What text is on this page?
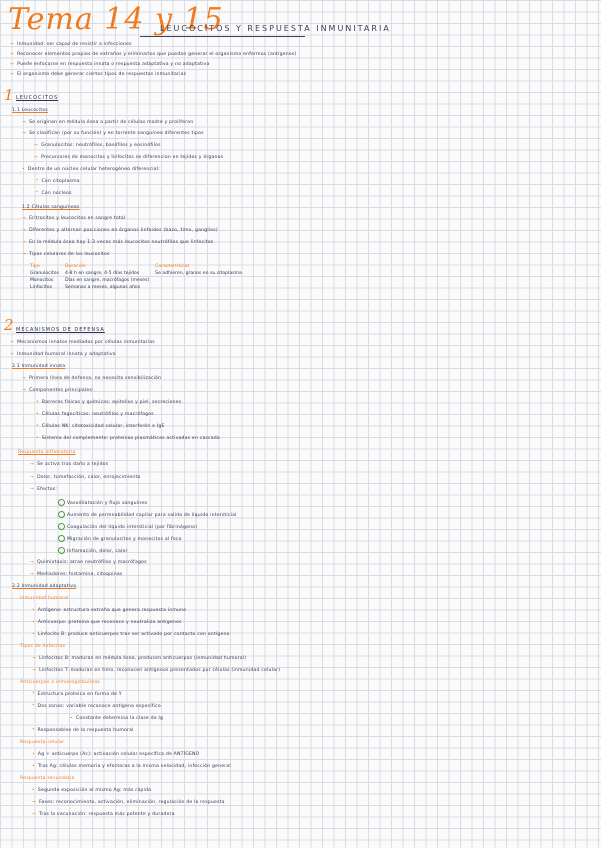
Tema 14 y 15
LEUCOCITOS Y RESPUESTA INMUNITARIA
→ Inmunidad: ser capaz de resistir a infecciones
→ Reconocer elementos propios de extraños y eliminarlos que puedan generar el organismo enfermos (antígenos)
→ Puede enfocarse en respuesta innata o respuesta adaptativa y no adaptativa
→ El organismo debe generar ciertos tipos de respuestas inmunitarias
1 LEUCOCITOS
1.1 Leucocitos
→ Se originan en médula ósea a partir de células madre y proliferan
→ Se clasifican (por su función) y en torrente sanguíneo diferentes tipos
→ Granulocitos: neutrófilos, basófilos y eosinófilos
→ Precursores de monocitos y linfocitos se diferencian en tejidos y órganos
• Dentro de un núcleo celular heterogéneo diferencial:
* Con citoplasma
* Con núcleos
1.2 Células sanguíneas
→ Eritrocitos y leucocitos en sangre total
→ Diferentes y alternan posiciones en órganos linfoides (bazo, timo, ganglios)
→ En la médula ósea hay 1:3 veces más leucocitos neutrófilos que linfocitos
→ Tipos celulares de los leucocitos
Tipo	Duración	Características
Granulocitos	4-8 h en sangre, 4-5 días tejidos	Se adhieren, granos en su citoplasma
Monocitos	Días en sangre, macrófagos (meses)	
Linfocitos	Semanas a meses, algunos años	
2 MECANISMOS DE DEFENSA
→ Mecanismos innatos mediados por células inmunitarias
→ Inmunidad humoral innata y adaptativa
2.1 Inmunidad innata
→ Primera línea de defensa, no necesita sensibilización
→ Componentes principales:
• Barreras físicas y químicas: epitelios y piel, secreciones
• Células fagocíticas: neutrófilos y macrófagos
• Células NK: citotoxicidad celular, interferón e IgE
• Sistema del complemento: proteínas plasmáticas activadas en cascada
Respuesta inflamatoria
→ Se activa tras daño a tejidos
→ Dolor, tumefacción, calor, enrojecimiento
→ Efectos:
Vasodilatación y flujo sanguíneo
Aumento de permeabilidad capilar para salida de líquido intersticial
Coagulación del líquido intersticial (por fibrinógeno)
Migración de granulocitos y monocitos al foco
Inflamación, dolor, calor
→ Quimiotaxis: atrae neutrófilos y macrófagos
→ Mediadores: histamina, citoquinas
2.2 Inmunidad adaptativa
Inmunidad humoral
• Antígeno: estructura extraña que genera respuesta inmune
• Anticuerpo: proteína que reconoce y neutraliza antígenos
• Linfocito B: produce anticuerpos tras ser activado por contacto con antígeno
Tipos de linfocitos
→ Linfocitos B: maduran en médula ósea, producen anticuerpos (inmunidad humoral)
→ Linfocitos T: maduran en timo, reconocen antígenos presentados por células (inmunidad celular)
Anticuerpos o inmunoglobulinas
* Estructura proteica en forma de Y
* Dos zonas: variable reconoce antígeno específico
• Constante determina la clase de Ig
* Responsables de la respuesta humoral
Respuesta celular
• Ag + anticuerpo (Ac): activación celular específica de ANTÍGENO
• Tras Ag: células memoria y efectoras a la misma velocidad, infección general
Respuesta secundaria
• Segunda exposición al mismo Ag: más rápida
→ Fases: reconocimiento, activación, eliminación, regulación de la respuesta
→ Tras la vacunación: respuesta más potente y duradera
